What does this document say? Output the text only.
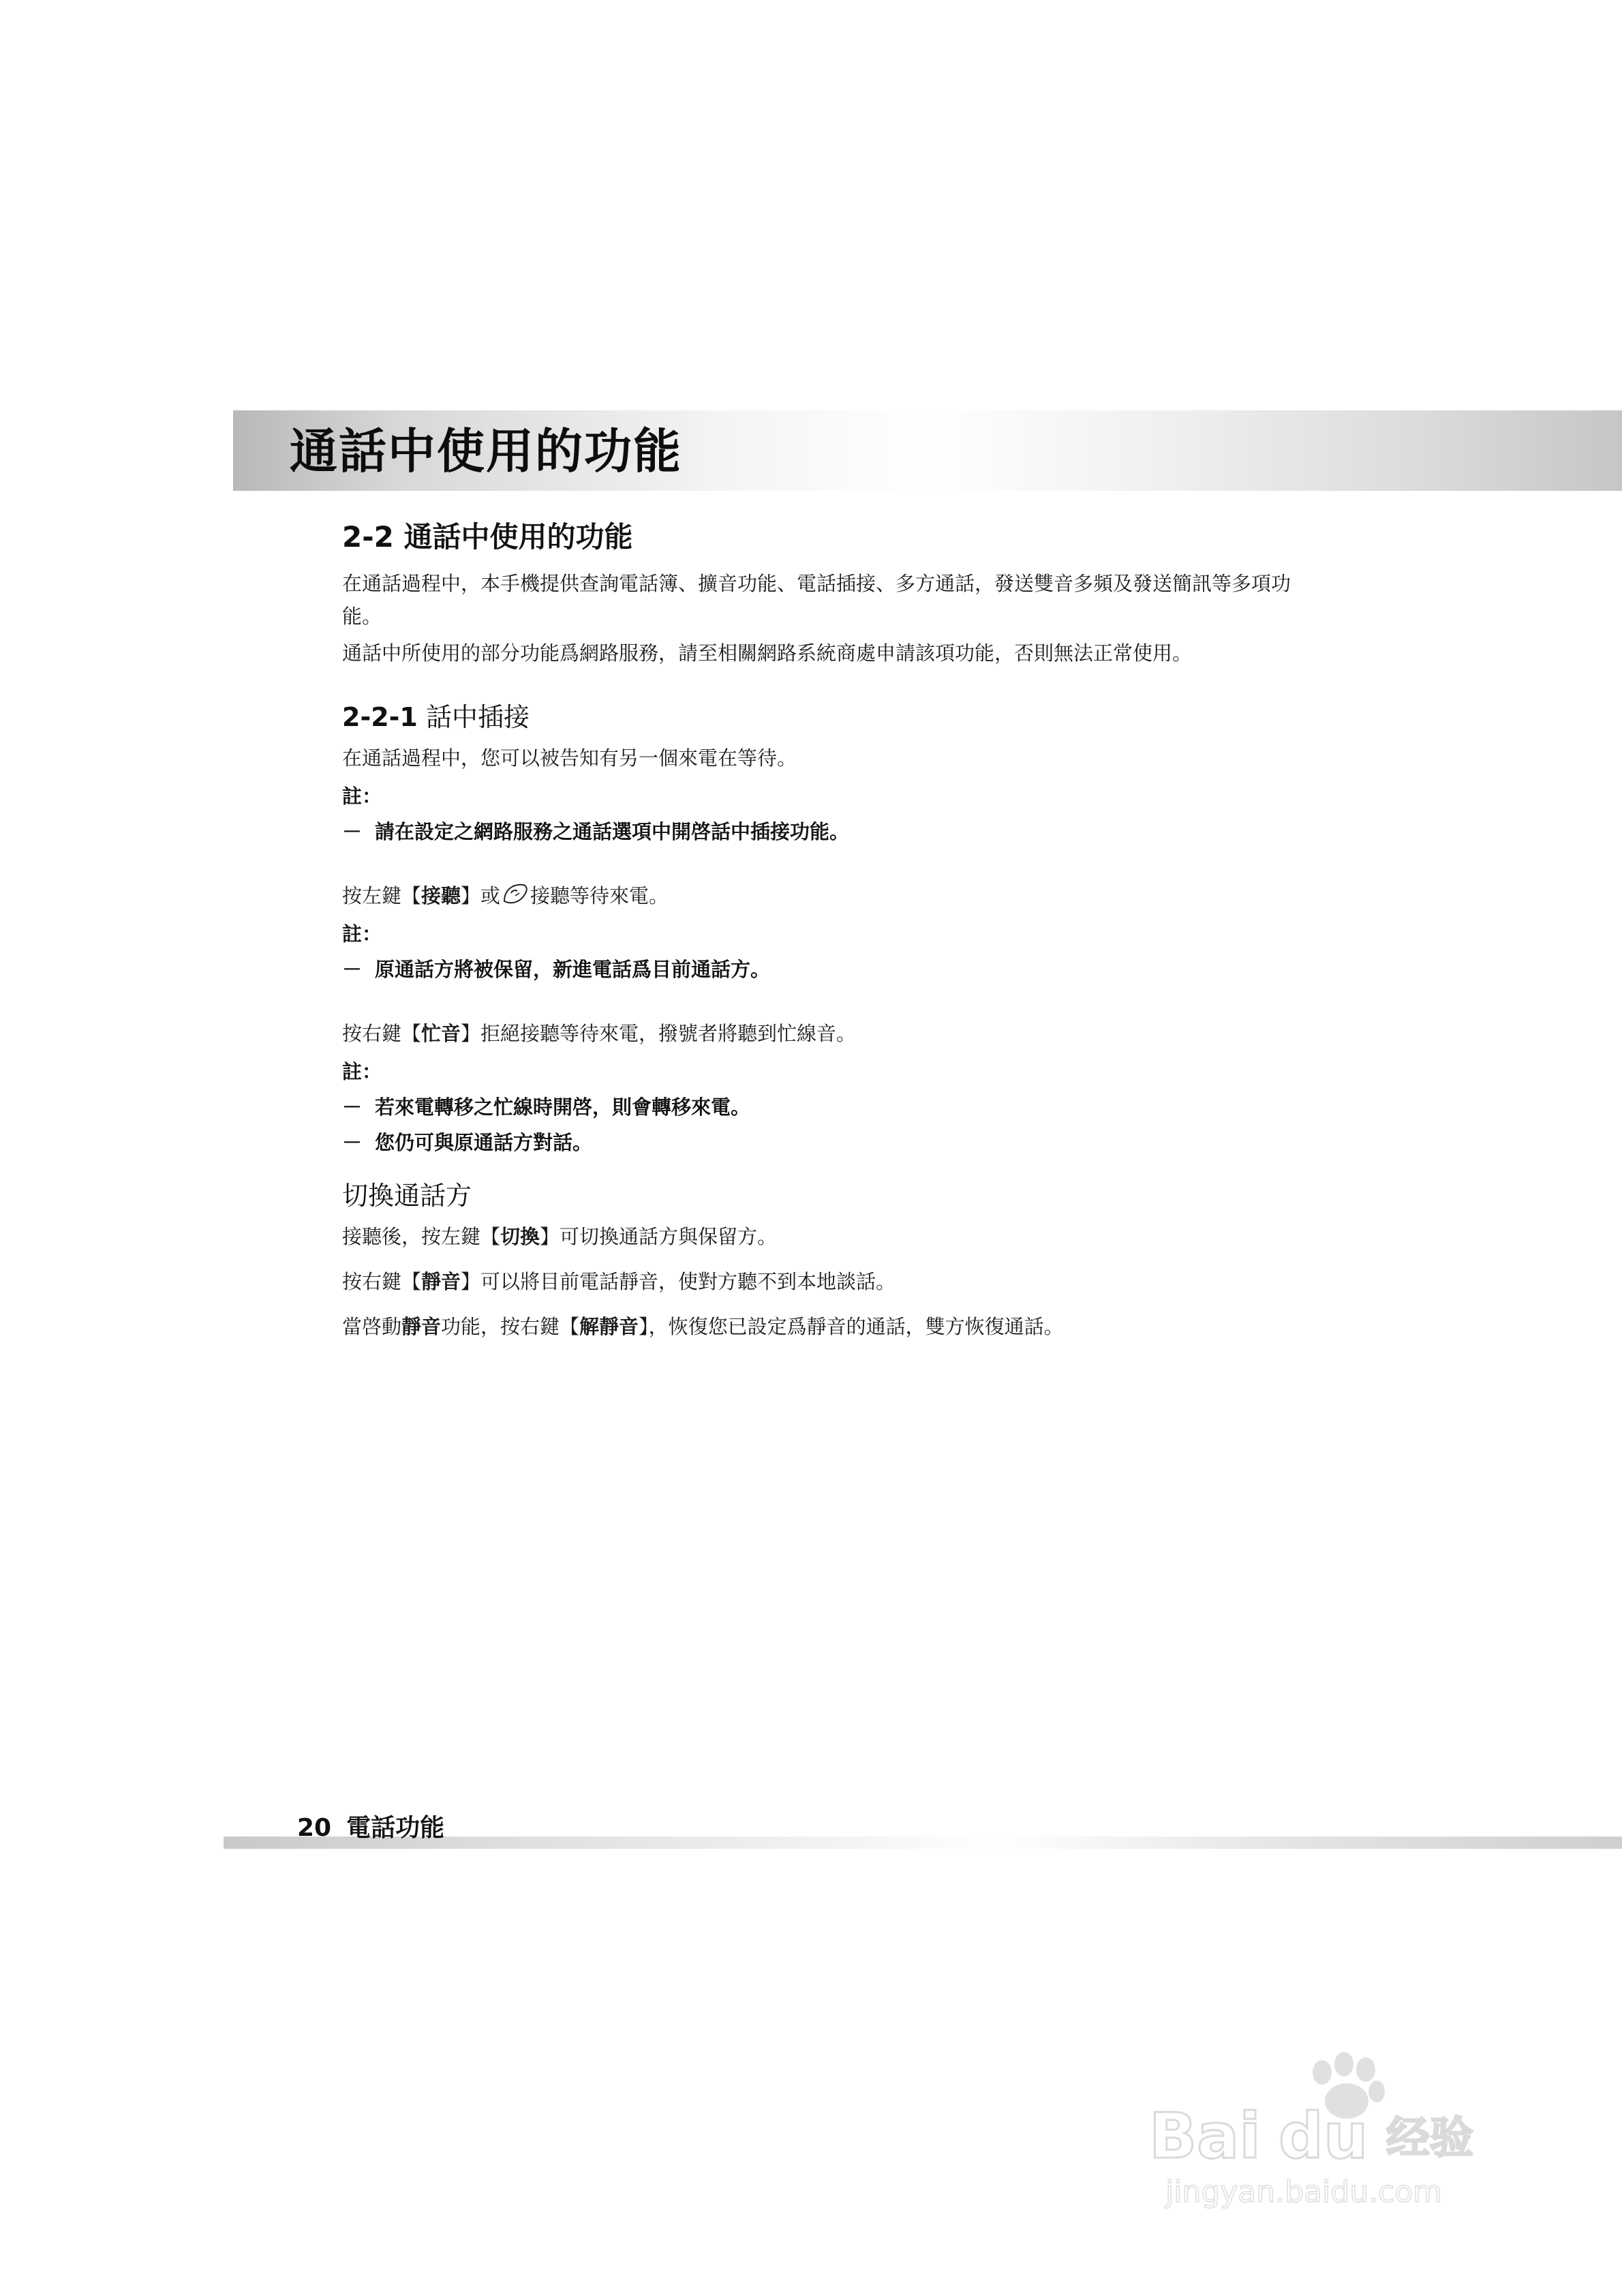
通話中使用的功能
2-2 通話中使用的功能

在通話過程中，本手機提供查詢電話簿、擴音功能、電話插接、多方通話，發送雙音多頻及發送簡訊等多項功能。

通話中所使用的部分功能爲網路服務，請至相關網路系統商處申請該項功能，否則無法正常使用。

2-2-1 話中插接

在通話過程中，您可以被告知有另一個來電在等待。

註：

－ 請在設定之網路服務之通話選項中開啓話中插接功能。

按左鍵【接聽】或 接聽等待來電。

註：

－ 原通話方將被保留，新進電話爲目前通話方。

按右鍵【忙音】拒絕接聽等待來電，撥號者將聽到忙線音。

註：

－ 若來電轉移之忙線時開啓，則會轉移來電。

－ 您仍可與原通話方對話。

切換通話方

接聽後，按左鍵【切換】可切換通話方與保留方。

按右鍵【靜音】可以將目前電話靜音，使對方聽不到本地談話。

當啓動靜音功能，按右鍵【解靜音】，恢復您已設定爲靜音的通話，雙方恢復通話。

20 電話功能
Bai du 经验
jingyan.baidu.com
